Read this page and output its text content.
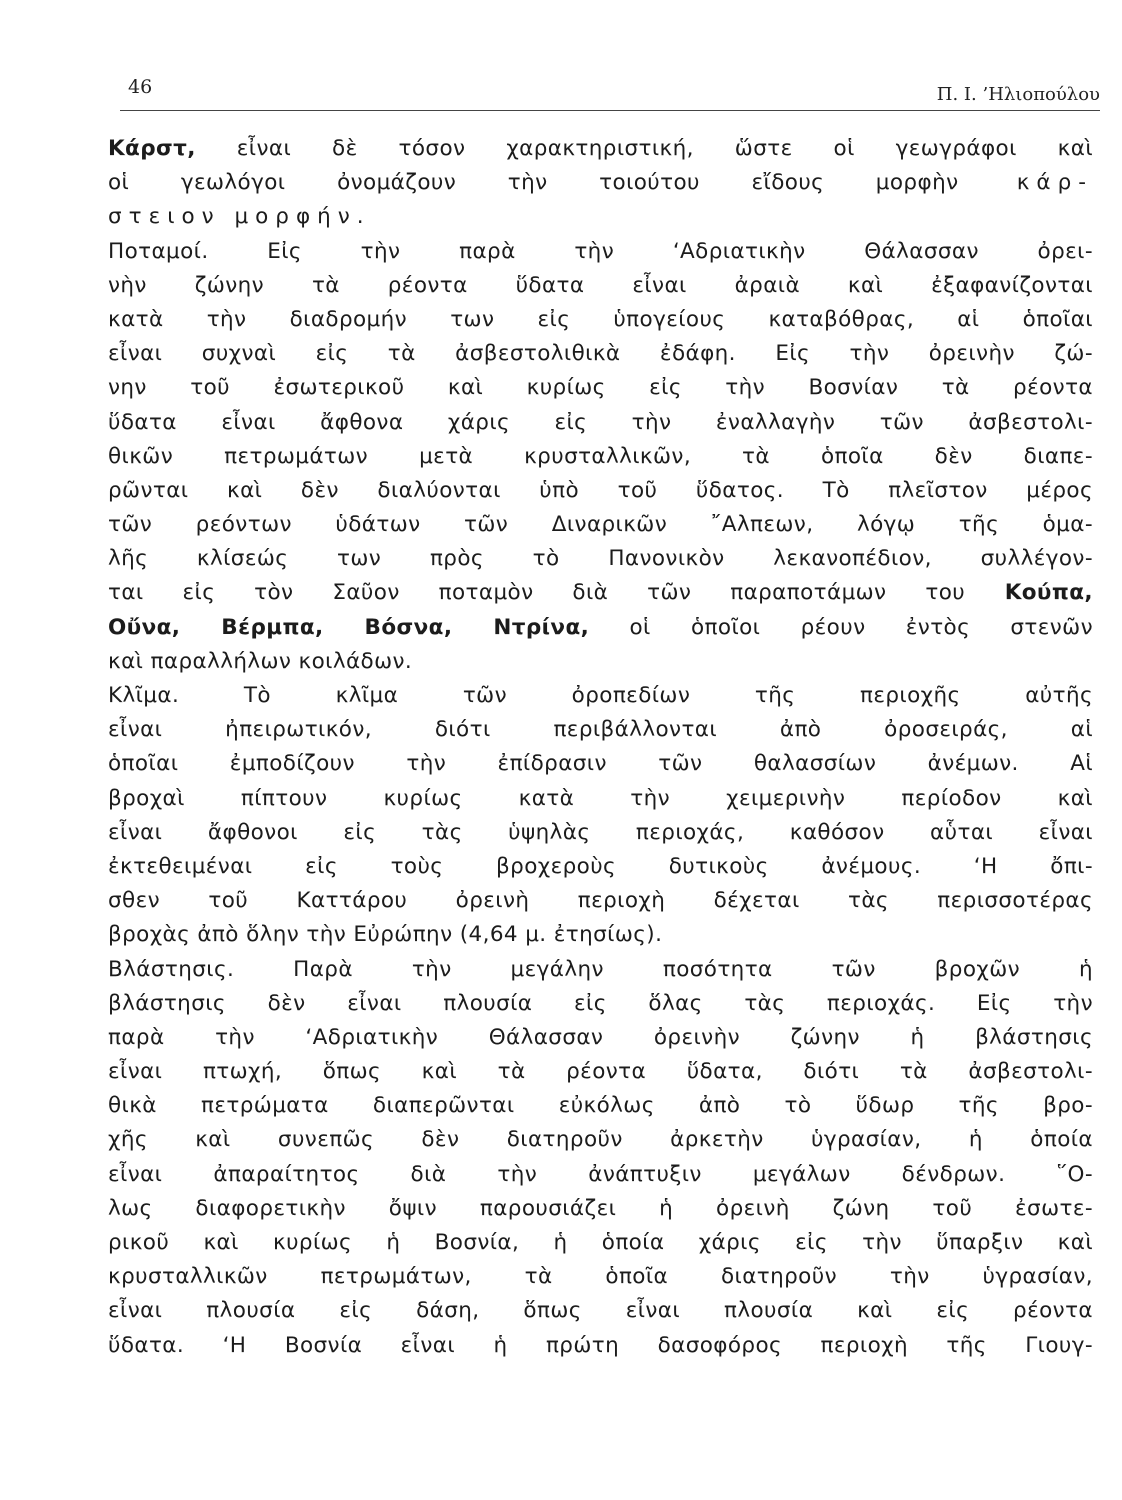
46	Π. Ι. ’Ηλιοπούλου
Κάρστ, εἶναι δὲ τόσον χαρακτηριστική, ὥστε οἱ γεωγράφοι καὶ
οἱ γεωλόγοι ὀνομάζουν τὴν τοιούτου εἴδους μορφὴν κάρ-
στειον μορφήν.
Ποταμοί. Εἰς τὴν παρὰ τὴν ‘Αδριατικὴν Θάλασσαν ὀρει-
νὴν ζώνην τὰ ρέοντα ὕδατα εἶναι ἀραιὰ καὶ ἐξαφανίζονται
κατὰ τὴν διαδρομήν των εἰς ὑπογείους καταβόθρας, αἱ ὁποῖαι
εἶναι συχναὶ εἰς τὰ ἀσβεστολιθικὰ ἐδάφη. Εἰς τὴν ὀρεινὴν ζώ-
νην τοῦ ἐσωτερικοῦ καὶ κυρίως εἰς τὴν Βοσνίαν τὰ ρέοντα
ὕδατα εἶναι ἄφθονα χάρις εἰς τὴν ἐναλλαγὴν τῶν ἀσβεστολι-
θικῶν πετρωμάτων μετὰ κρυσταλλικῶν, τὰ ὁποῖα δὲν διαπε-
ρῶνται καὶ δὲν διαλύονται ὑπὸ τοῦ ὕδατος. Τὸ πλεῖστον μέρος
τῶν ρεόντων ὑδάτων τῶν Διναρικῶν ῎Αλπεων, λόγῳ τῆς ὁμα-
λῆς κλίσεώς των πρὸς τὸ Πανονικὸν λεκανοπέδιον, συλλέγον-
ται εἰς τὸν Σαῦον ποταμὸν διὰ τῶν παραποτάμων του Κούπα,
Οὔνα, Βέρμπα, Βόσνα, Ντρίνα, οἱ ὁποῖοι ρέουν ἐντὸς στενῶν
καὶ παραλλήλων κοιλάδων.
Κλῖμα. Τὸ κλῖμα τῶν ὀροπεδίων τῆς περιοχῆς αὐτῆς
εἶναι ἠπειρωτικόν, διότι περιβάλλονται ἀπὸ ὀροσειράς, αἱ
ὁποῖαι ἐμποδίζουν τὴν ἐπίδρασιν τῶν θαλασσίων ἀνέμων. Αἱ
βροχαὶ πίπτουν κυρίως κατὰ τὴν χειμερινὴν περίοδον καὶ
εἶναι ἄφθονοι εἰς τὰς ὑψηλὰς περιοχάς, καθόσον αὗται εἶναι
ἐκτεθειμέναι εἰς τοὺς βροχεροὺς δυτικοὺς ἀνέμους. ‘Η ὄπι-
σθεν τοῦ Καττάρου ὀρεινὴ περιοχὴ δέχεται τὰς περισσοτέρας
βροχὰς ἀπὸ ὅλην τὴν Εὐρώπην (4,64 μ. ἐτησίως).
Βλάστησις. Παρὰ τὴν μεγάλην ποσότητα τῶν βροχῶν ἡ
βλάστησις δὲν εἶναι πλουσία εἰς ὅλας τὰς περιοχάς. Εἰς τὴν
παρὰ τὴν ‘Αδριατικὴν Θάλασσαν ὀρεινὴν ζώνην ἡ βλάστησις
εἶναι πτωχή, ὅπως καὶ τὰ ρέοντα ὕδατα, διότι τὰ ἀσβεστολι-
θικὰ πετρώματα διαπερῶνται εὐκόλως ἀπὸ τὸ ὕδωρ τῆς βρο-
χῆς καὶ συνεπῶς δὲν διατηροῦν ἀρκετὴν ὑγρασίαν, ἡ ὁποία
εἶναι ἀπαραίτητος διὰ τὴν ἀνάπτυξιν μεγάλων δένδρων. ῞Ο-
λως διαφορετικὴν ὄψιν παρουσιάζει ἡ ὀρεινὴ ζώνη τοῦ ἐσωτε-
ρικοῦ καὶ κυρίως ἡ Βοσνία, ἡ ὁποία χάρις εἰς τὴν ὕπαρξιν καὶ
κρυσταλλικῶν πετρωμάτων, τὰ ὁποῖα διατηροῦν τὴν ὑγρασίαν,
εἶναι πλουσία εἰς δάση, ὅπως εἶναι πλουσία καὶ εἰς ρέοντα
ὕδατα. ‘Η Βοσνία εἶναι ἡ πρώτη δασοφόρος περιοχὴ τῆς Γιουγ-
